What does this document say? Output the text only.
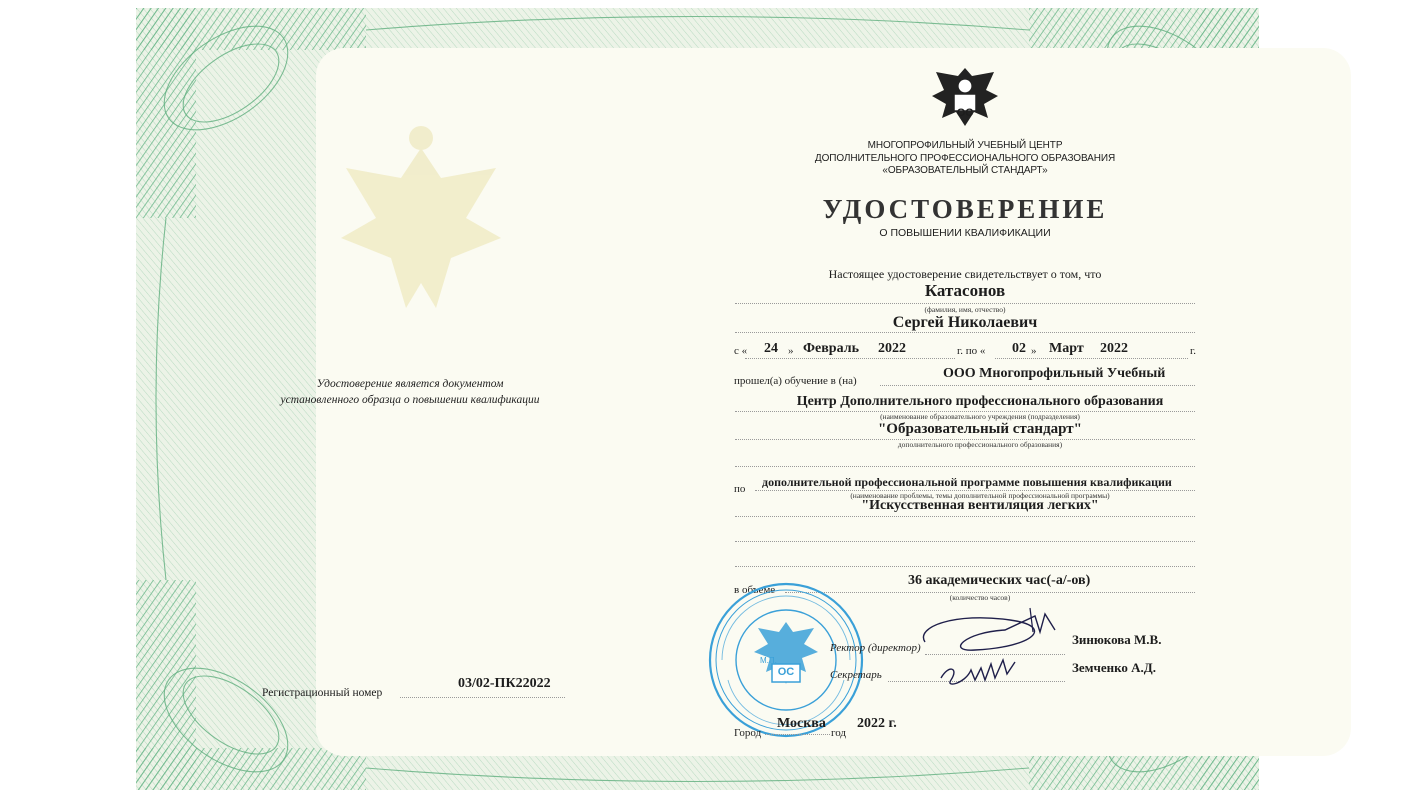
ОС
МНОГОПРОФИЛЬНЫЙ УЧЕБНЫЙ ЦЕНТР
ДОПОЛНИТЕЛЬНОГО ПРОФЕССИОНАЛЬНОГО ОБРАЗОВАНИЯ
«ОБРАЗОВАТЕЛЬНЫЙ СТАНДАРТ»
УДОСТОВЕРЕНИЕ
О ПОВЫШЕНИИ КВАЛИФИКАЦИИ
Настоящее удостоверение свидетельствует о том, что
Катасонов
(фамилия, имя, отчество)
Сергей Николаевич
с « 24 » Февраль 2022	г. по « 02 » Март 2022	г.
прошел(а) обучение в (на)	ООО Многопрофильный Учебный
Центр Дополнительного профессионального образования
(наименование образовательного учреждения (подразделения)
"Образовательный стандарт"
дополнительного профессионального образования)
по дополнительной профессиональной программе повышения квалификации
(наименование проблемы, темы дополнительной профессиональной программы)
"Искусственная вентиляция легких"
в объеме
36 академических час(-а/-ов)
(количество часов)
ОС
М.П.
Ректор (директор)
Зинюкова М.В.
Секретарь	Земченко А.Д.
Город
Москва
год
2022 г.
Удостоверение является документом
установленного образца о повышении квалификации
Регистрационный номер
03/02-ПК22022
